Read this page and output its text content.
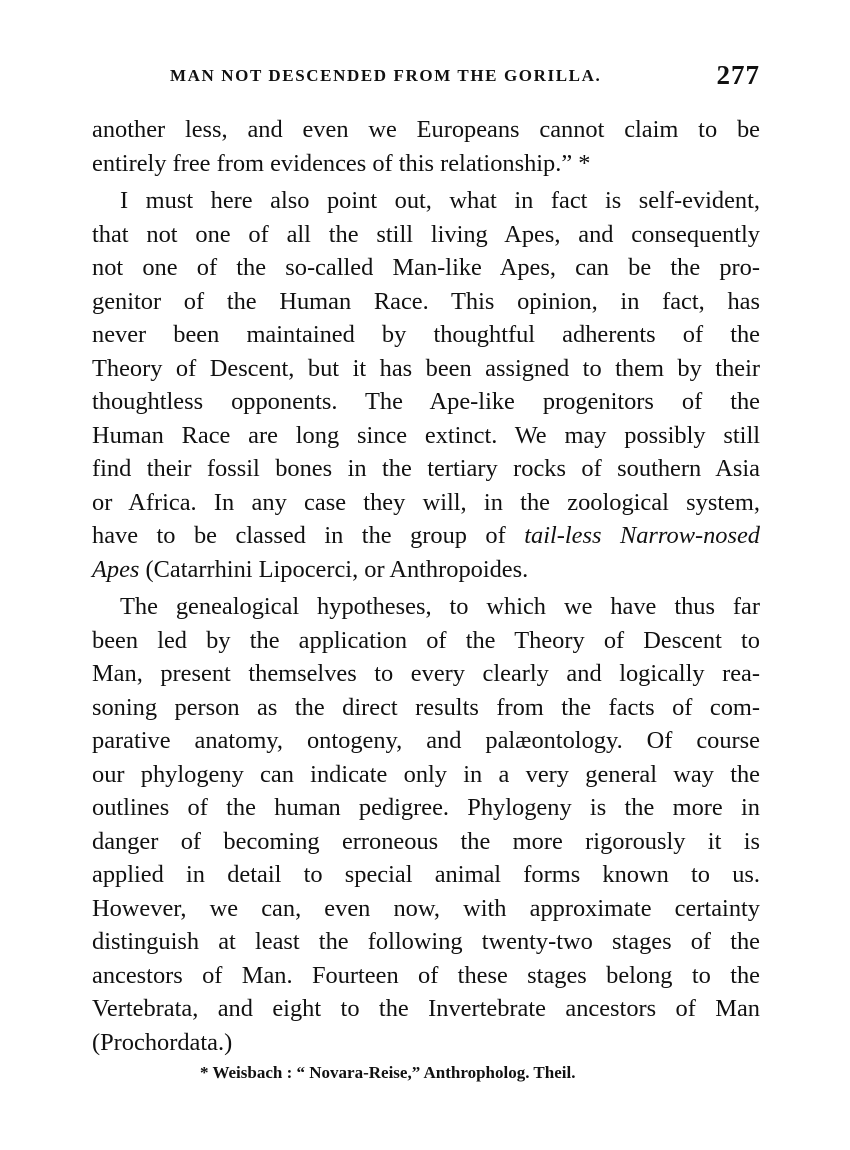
MAN NOT DESCENDED FROM THE GORILLA.	277
another less, and even we Europeans cannot claim to be
entirely free from evidences of this relationship.” *
I must here also point out, what in fact is self-evident,
that not one of all the still living Apes, and consequently
not one of the so-called Man-like Apes, can be the pro-
genitor of the Human Race. This opinion, in fact, has
never been maintained by thoughtful adherents of the
Theory of Descent, but it has been assigned to them by their
thoughtless opponents. The Ape-like progenitors of the
Human Race are long since extinct. We may possibly still
find their fossil bones in the tertiary rocks of southern Asia
or Africa. In any case they will, in the zoological system,
have to be classed in the group of tail-less Narrow-nosed
Apes (Catarrhini Lipocerci, or Anthropoides.
The genealogical hypotheses, to which we have thus far
been led by the application of the Theory of Descent to
Man, present themselves to every clearly and logically rea-
soning person as the direct results from the facts of com-
parative anatomy, ontogeny, and palæontology. Of course
our phylogeny can indicate only in a very general way the
outlines of the human pedigree. Phylogeny is the more in
danger of becoming erroneous the more rigorously it is
applied in detail to special animal forms known to us.
However, we can, even now, with approximate certainty
distinguish at least the following twenty-two stages of the
ancestors of Man. Fourteen of these stages belong to the
Vertebrata, and eight to the Invertebrate ancestors of Man
(Prochordata.)
* Weisbach : “ Novara-Reise,” Anthropholog. Theil.
